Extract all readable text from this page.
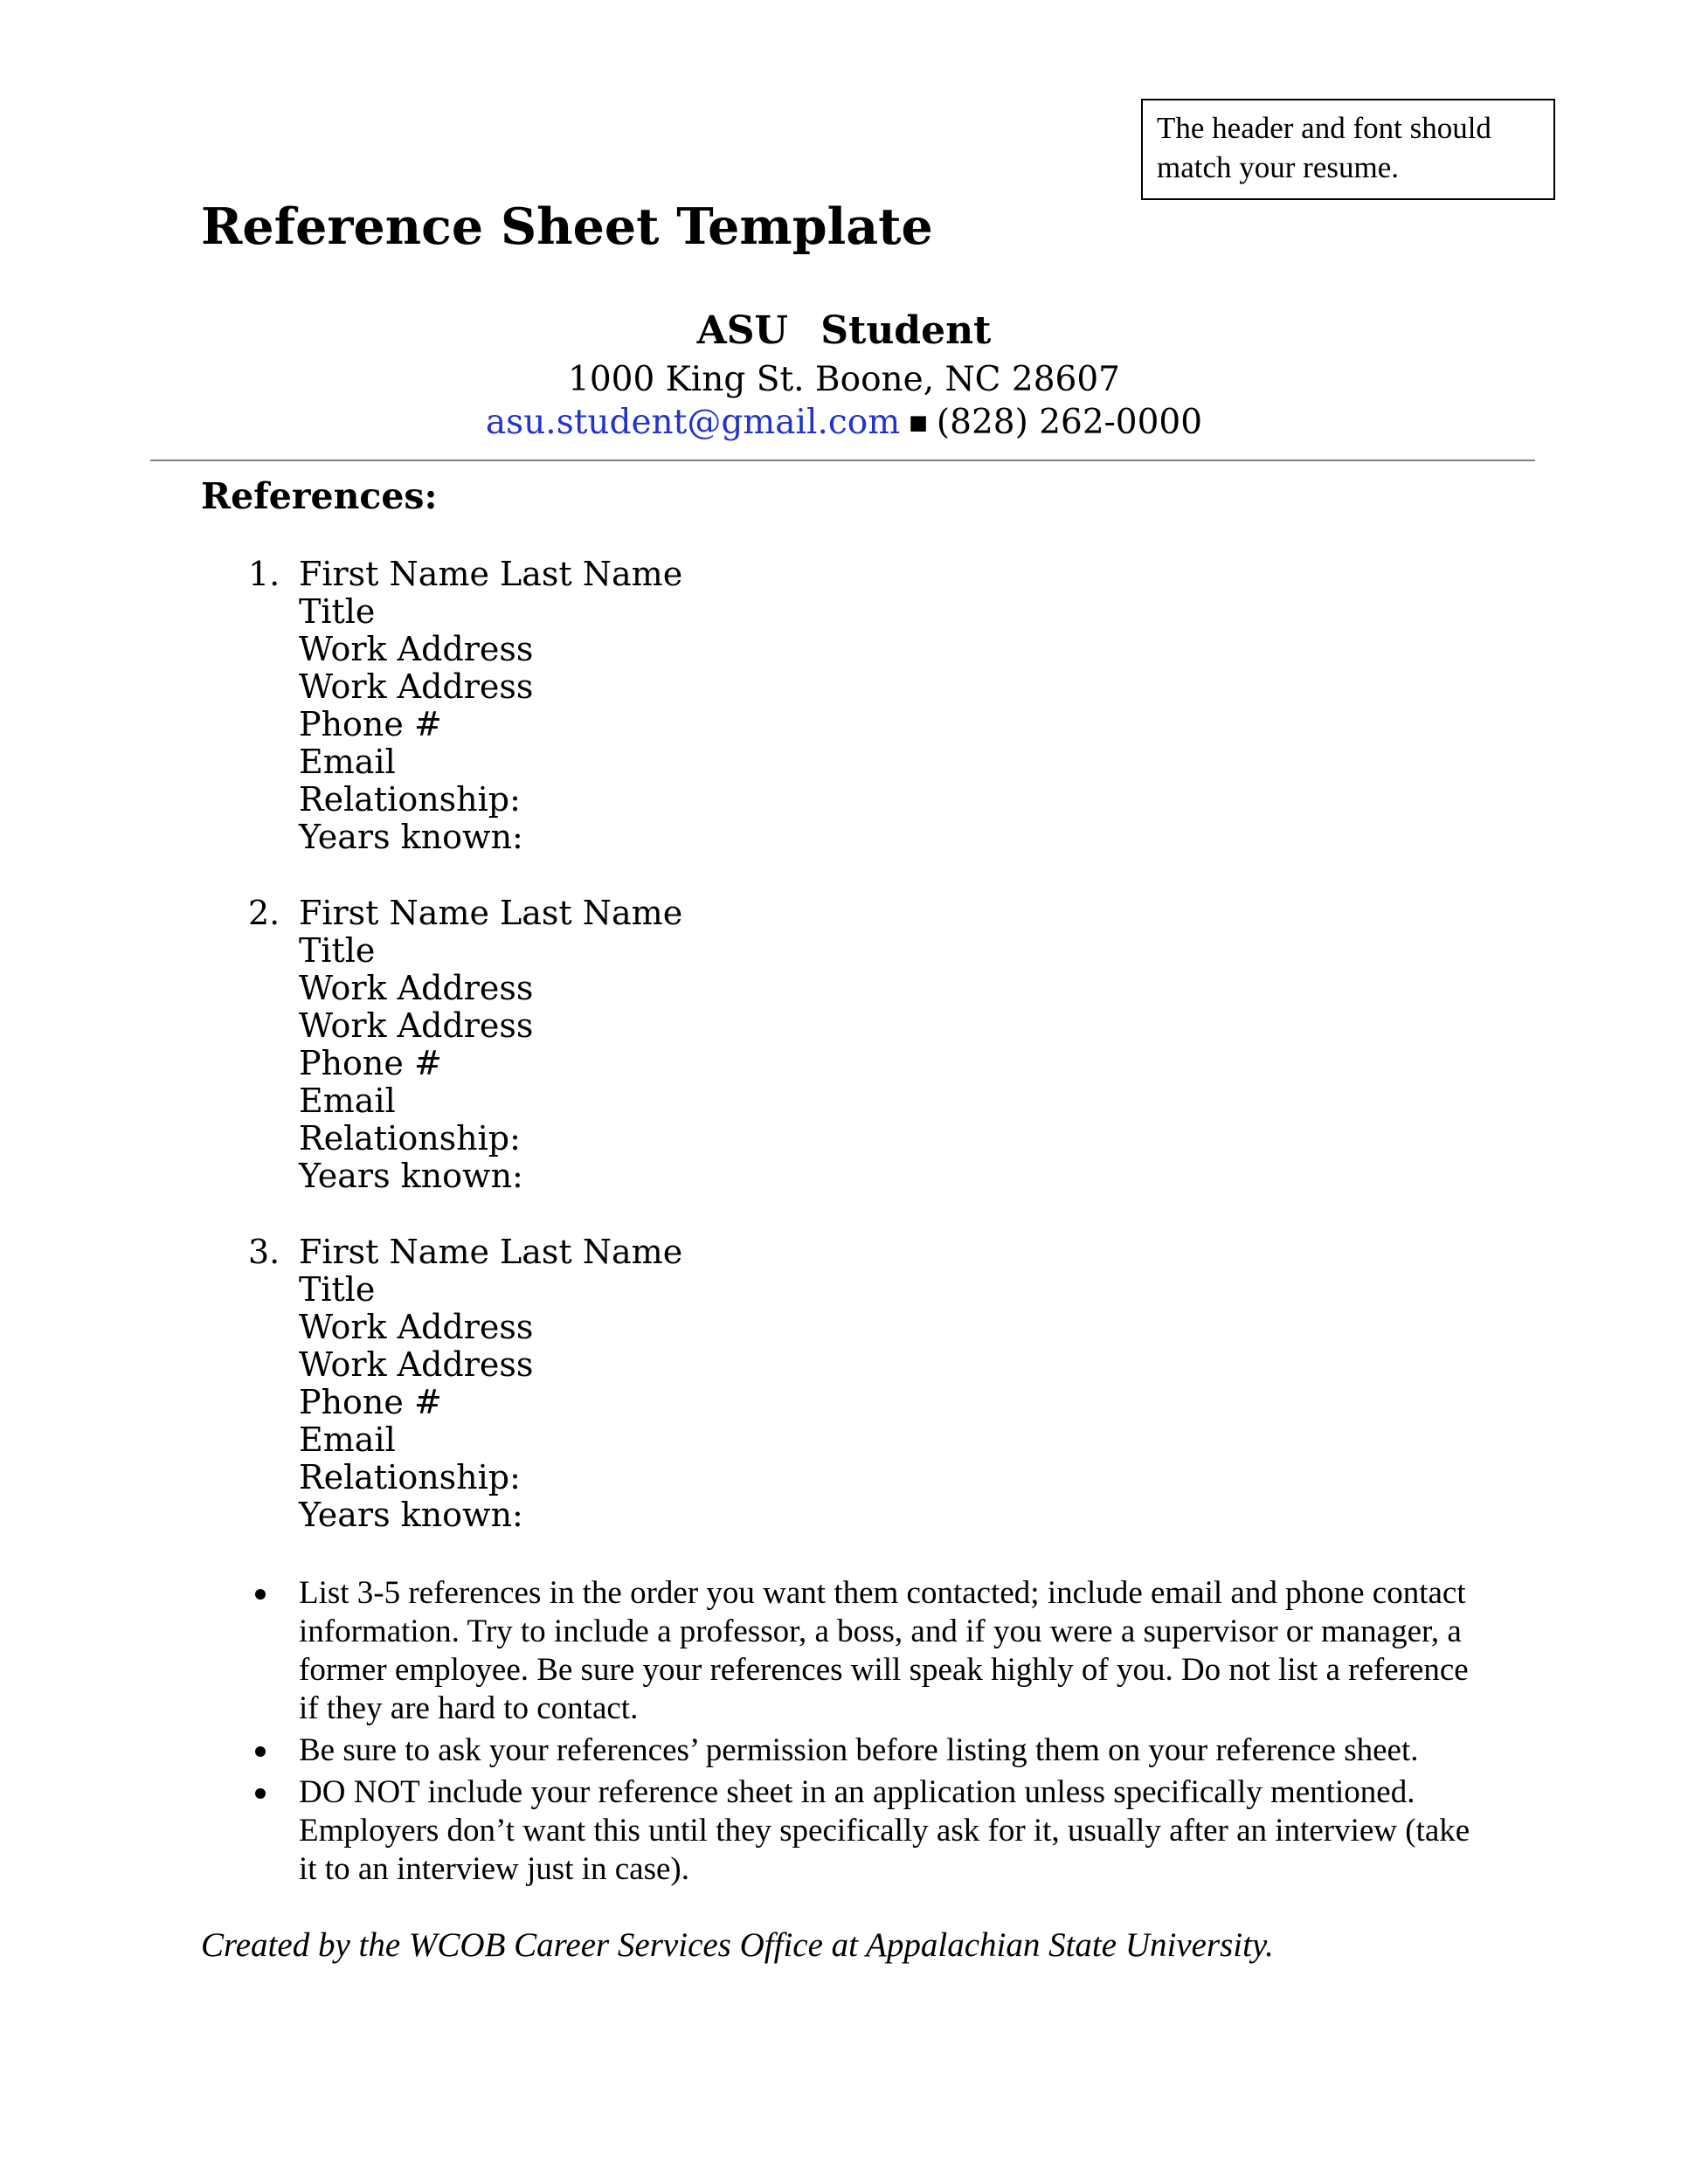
The header and font should match your resume.
Reference Sheet Template
ASU Student
1000 King St. Boone, NC 28607
asu.student@gmail.com ■ (828) 262-0000
References:
1. First Name Last Name
Title
Work Address
Work Address
Phone #
Email
Relationship:
Years known:
2. First Name Last Name
Title
Work Address
Work Address
Phone #
Email
Relationship:
Years known:
3. First Name Last Name
Title
Work Address
Work Address
Phone #
Email
Relationship:
Years known:
List 3-5 references in the order you want them contacted; include email and phone contact information. Try to include a professor, a boss, and if you were a supervisor or manager, a former employee. Be sure your references will speak highly of you. Do not list a reference if they are hard to contact.
Be sure to ask your references’ permission before listing them on your reference sheet.
DO NOT include your reference sheet in an application unless specifically mentioned. Employers don’t want this until they specifically ask for it, usually after an interview (take it to an interview just in case).
Created by the WCOB Career Services Office at Appalachian State University.
